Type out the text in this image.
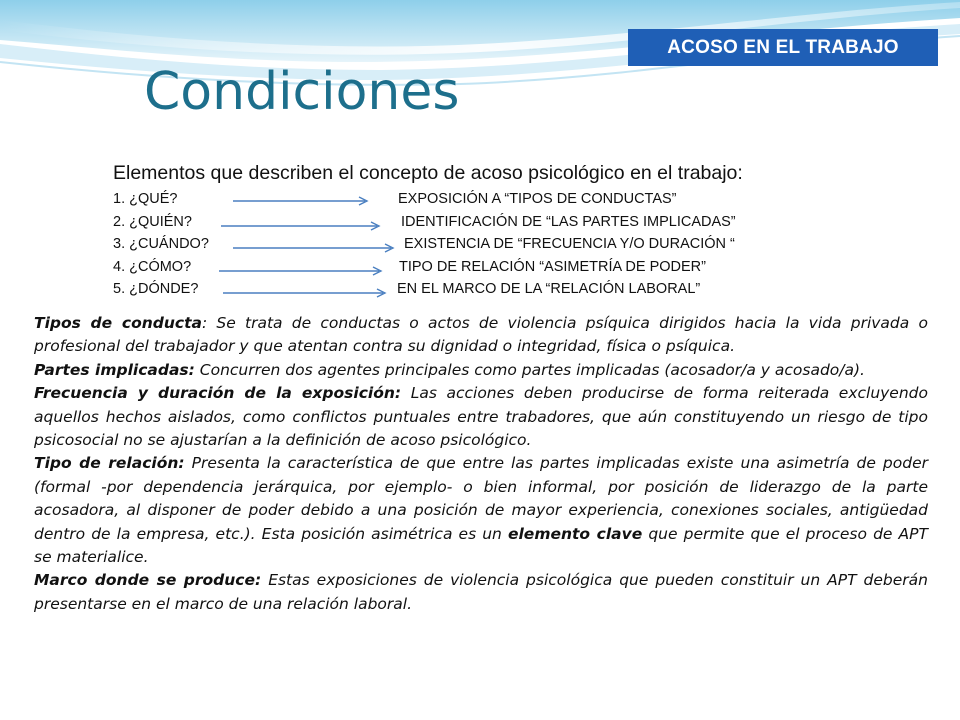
ACOSO EN EL TRABAJO
Condiciones
Elementos que describen el concepto de acoso psicológico en el trabajo:
1. ¿QUÉ?	EXPOSICIÓN A “TIPOS DE CONDUCTAS”
2. ¿QUIÉN?	IDENTIFICACIÓN DE “LAS PARTES IMPLICADAS”
3. ¿CUÁNDO?	EXISTENCIA DE “FRECUENCIA Y/O DURACIÓN “
4. ¿CÓMO?	TIPO DE RELACIÓN “ASIMETRÍA DE PODER”
5. ¿DÓNDE?	EN EL MARCO DE LA “RELACIÓN LABORAL”

Tipos de conducta: Se trata de conductas o actos de violencia psíquica dirigidos hacia la vida privada o profesional del trabajador y que atentan contra su dignidad o integridad, física o psíquica.

Partes implicadas: Concurren dos agentes principales como partes implicadas (acosador/a y acosado/a).

Frecuencia y duración de la exposición: Las acciones deben producirse de forma reiterada excluyendo aquellos hechos aislados, como conflictos puntuales entre trabadores, que aún constituyendo un riesgo de tipo psicosocial no se ajustarían a la definición de acoso psicológico.

Tipo de relación: Presenta la característica de que entre las partes implicadas existe una asimetría de poder (formal -por dependencia jerárquica, por ejemplo- o bien informal, por posición de liderazgo de la parte acosadora, al disponer de poder debido a una posición de mayor experiencia, conexiones sociales, antigüedad dentro de la empresa, etc.). Esta posición asimétrica es un elemento clave que permite que el proceso de APT se materialice.

Marco donde se produce: Estas exposiciones de violencia psicológica que pueden constituir un APT deberán presentarse en el marco de una relación laboral.
